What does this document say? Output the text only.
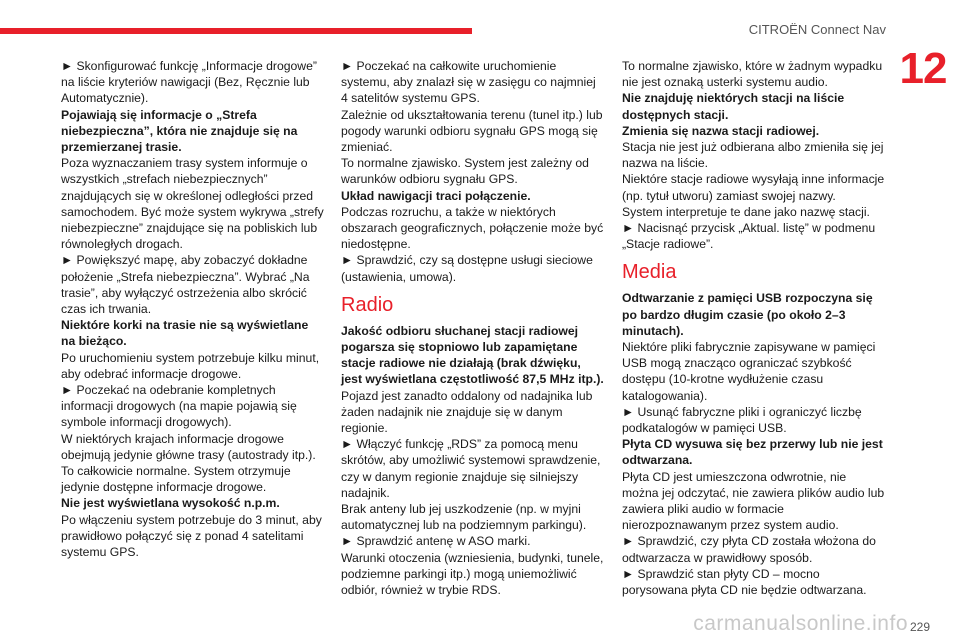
CITROËN Connect Nav
12

► Skonfigurować funkcję „Informacje drogowe” na liście kryteriów nawigacji (Bez, Ręcznie lub Automatycznie).

Pojawiają się informacje o „Strefa niebezpieczna”, która nie znajduje się na przemierzanej trasie.

Poza wyznaczaniem trasy system informuje o wszystkich „strefach niebezpiecznych” znajdujących się w określonej odległości przed samochodem. Być może system wykrywa „strefy niebezpieczne” znajdujące się na pobliskich lub równoległych drogach.

► Powiększyć mapę, aby zobaczyć dokładne położenie „Strefa niebezpieczna”. Wybrać „Na trasie”, aby wyłączyć ostrzeżenia albo skrócić czas ich trwania.

Niektóre korki na trasie nie są wyświetlane na bieżąco.

Po uruchomieniu system potrzebuje kilku minut, aby odebrać informacje drogowe.

► Poczekać na odebranie kompletnych informacji drogowych (na mapie pojawią się symbole informacji drogowych).

W niektórych krajach informacje drogowe obejmują jedynie główne trasy (autostrady itp.).

To całkowicie normalne. System otrzymuje jedynie dostępne informacje drogowe.

Nie jest wyświetlana wysokość n.p.m.

Po włączeniu system potrzebuje do 3 minut, aby prawidłowo połączyć się z ponad 4 satelitami systemu GPS.

► Poczekać na całkowite uruchomienie systemu, aby znalazł się w zasięgu co najmniej 4 satelitów systemu GPS.

Zależnie od ukształtowania terenu (tunel itp.) lub pogody warunki odbioru sygnału GPS mogą się zmieniać.

To normalne zjawisko. System jest zależny od warunków odbioru sygnału GPS.

Układ nawigacji traci połączenie.

Podczas rozruchu, a także w niektórych obszarach geograficznych, połączenie może być niedostępne.

► Sprawdzić, czy są dostępne usługi sieciowe (ustawienia, umowa).

Radio

Jakość odbioru słuchanej stacji radiowej pogarsza się stopniowo lub zapamiętane stacje radiowe nie działają (brak dźwięku, jest wyświetlana częstotliwość 87,5 MHz itp.).

Pojazd jest zanadto oddalony od nadajnika lub żaden nadajnik nie znajduje się w danym regionie.

► Włączyć funkcję „RDS” za pomocą menu skrótów, aby umożliwić systemowi sprawdzenie, czy w danym regionie znajduje się silniejszy nadajnik.

Brak anteny lub jej uszkodzenie (np. w myjni automatycznej lub na podziemnym parkingu).

► Sprawdzić antenę w ASO marki.

Warunki otoczenia (wzniesienia, budynki, tunele, podziemne parkingi itp.) mogą uniemożliwić odbiór, również w trybie RDS.

To normalne zjawisko, które w żadnym wypadku nie jest oznaką usterki systemu audio.

Nie znajduję niektórych stacji na liście dostępnych stacji.

Zmienia się nazwa stacji radiowej.

Stacja nie jest już odbierana albo zmieniła się jej nazwa na liście.

Niektóre stacje radiowe wysyłają inne informacje (np. tytuł utworu) zamiast swojej nazwy.

System interpretuje te dane jako nazwę stacji.

► Nacisnąć przycisk „Aktual. listę” w podmenu „Stacje radiowe”.

Media

Odtwarzanie z pamięci USB rozpoczyna się po bardzo długim czasie (po około 2–3 minutach).

Niektóre pliki fabrycznie zapisywane w pamięci USB mogą znacząco ograniczać szybkość dostępu (10-krotne wydłużenie czasu katalogowania).

► Usunąć fabryczne pliki i ograniczyć liczbę podkatalogów w pamięci USB.

Płyta CD wysuwa się bez przerwy lub nie jest odtwarzana.

Płyta CD jest umieszczona odwrotnie, nie można jej odczytać, nie zawiera plików audio lub zawiera pliki audio w formacie nierozpoznawanym przez system audio.

► Sprawdzić, czy płyta CD została włożona do odtwarzacza w prawidłowy sposób.

► Sprawdzić stan płyty CD – mocno porysowana płyta CD nie będzie odtwarzana.

carmanualsonline.info 229
